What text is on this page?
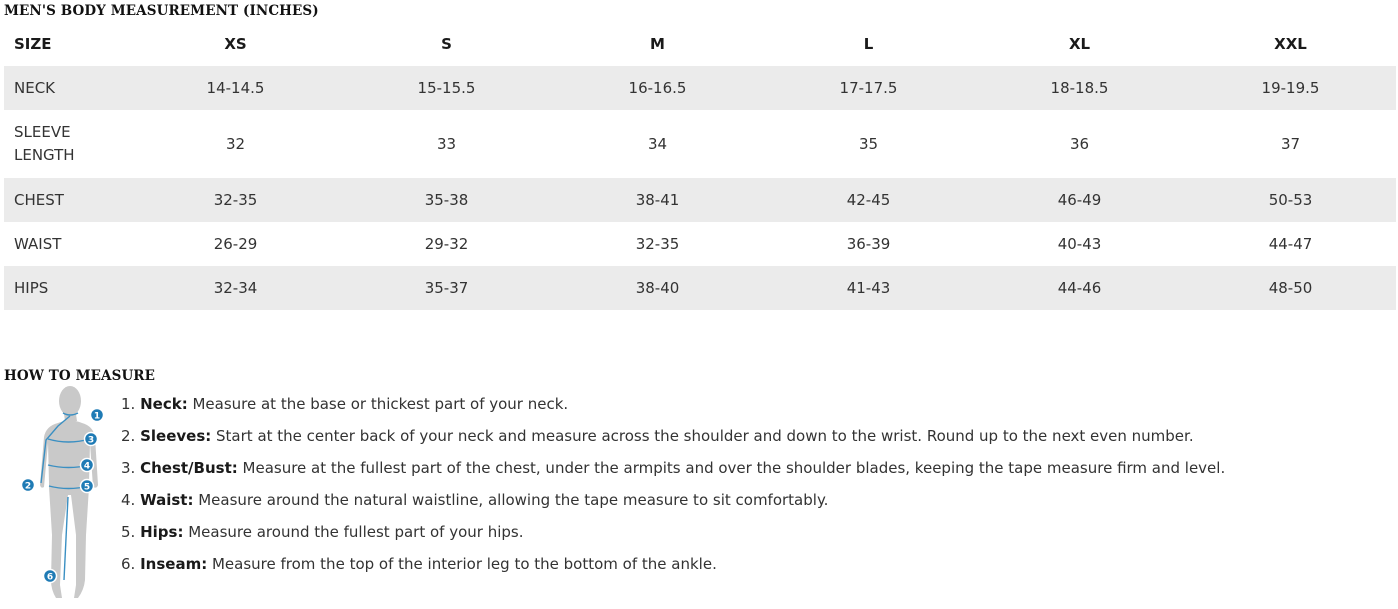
MEN'S BODY MEASUREMENT (INCHES)
SIZE	XS	S	M	L	XL	XXL
NECK	14-14.5	15-15.5	16-16.5	17-17.5	18-18.5	19-19.5
SLEEVE LENGTH	32	33	34	35	36	37
CHEST	32-35	35-38	38-41	42-45	46-49	50-53
WAIST	26-29	29-32	32-35	36-39	40-43	44-47
HIPS	32-34	35-37	38-40	41-43	44-46	48-50
HOW TO MEASURE
1
2
3
4
5
6
1. Neck: Measure at the base or thickest part of your neck.
2. Sleeves: Start at the center back of your neck and measure across the shoulder and down to the wrist. Round up to the next even number.
3. Chest/Bust: Measure at the fullest part of the chest, under the armpits and over the shoulder blades, keeping the tape measure firm and level.
4. Waist: Measure around the natural waistline, allowing the tape measure to sit comfortably.
5. Hips: Measure around the fullest part of your hips.
6. Inseam: Measure from the top of the interior leg to the bottom of the ankle.
